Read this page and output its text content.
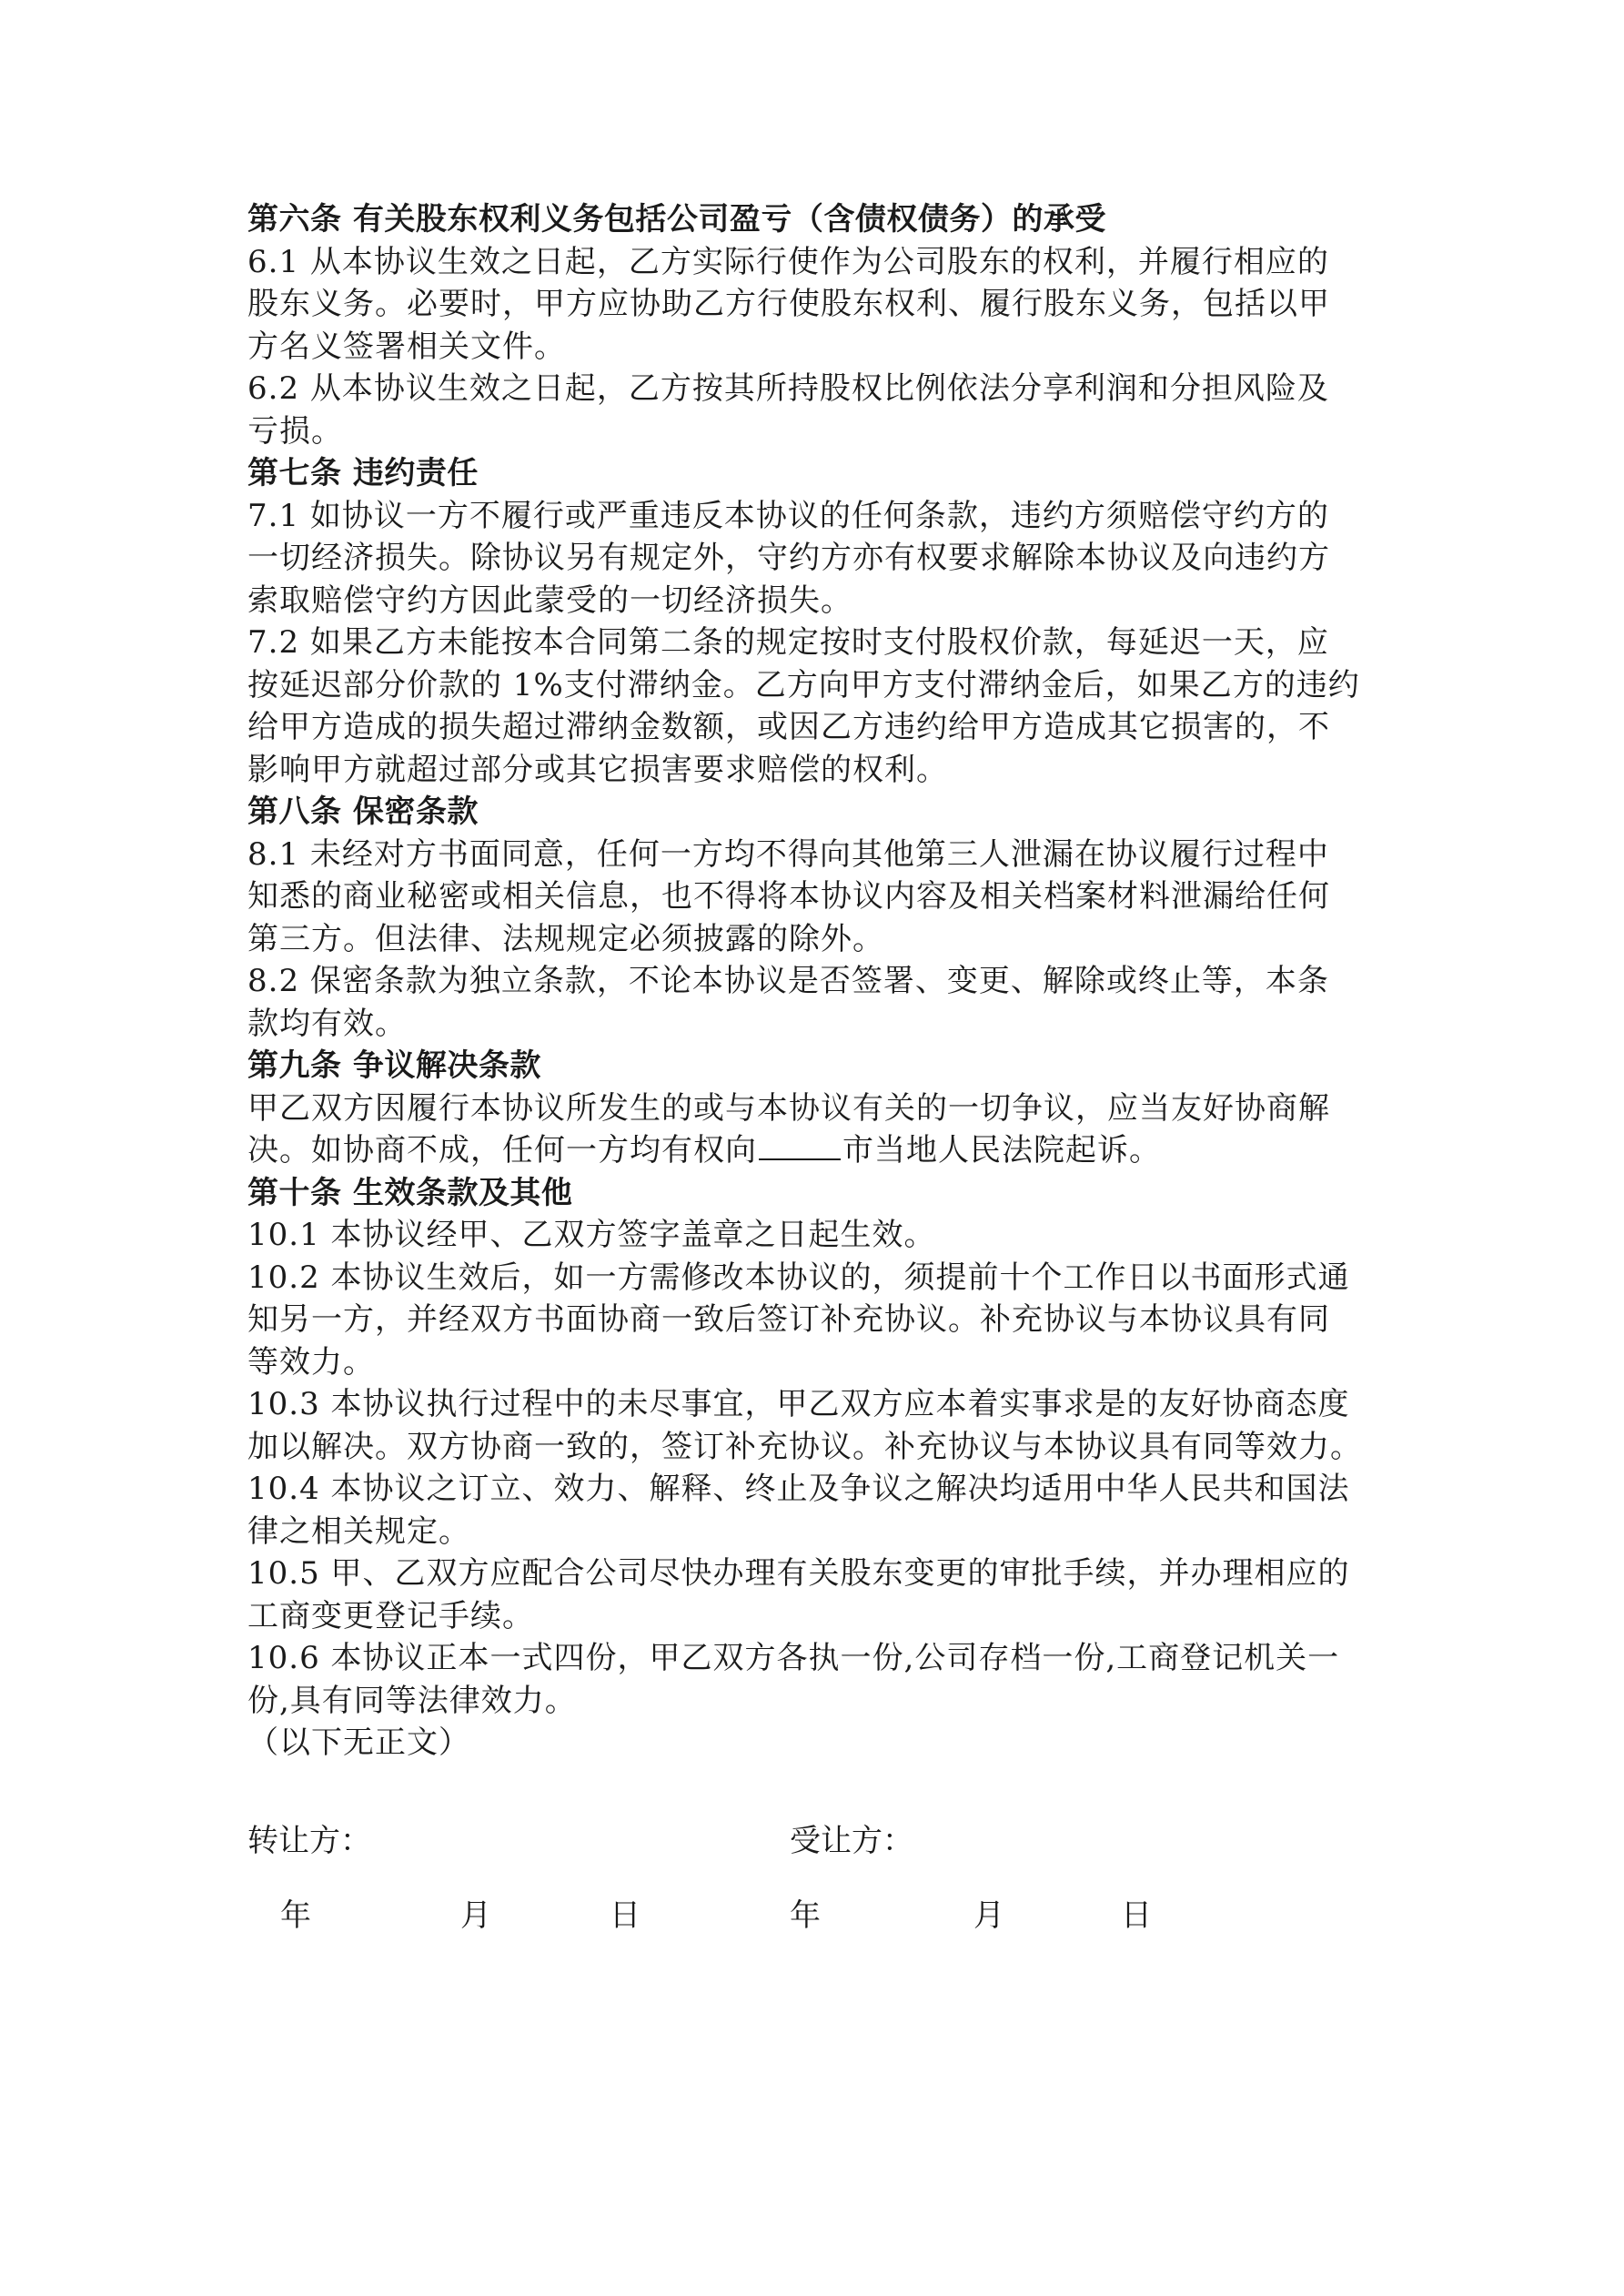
第六条 有关股东权利义务包括公司盈亏（含债权债务）的承受
6.1 从本协议生效之日起，乙方实际行使作为公司股东的权利，并履行相应的
股东义务。必要时，甲方应协助乙方行使股东权利、履行股东义务，包括以甲
方名义签署相关文件。
6.2 从本协议生效之日起，乙方按其所持股权比例依法分享利润和分担风险及
亏损。
第七条 违约责任
7.1 如协议一方不履行或严重违反本协议的任何条款，违约方须赔偿守约方的
一切经济损失。除协议另有规定外，守约方亦有权要求解除本协议及向违约方
索取赔偿守约方因此蒙受的一切经济损失。
7.2 如果乙方未能按本合同第二条的规定按时支付股权价款，每延迟一天，应
按延迟部分价款的 1%支付滞纳金。乙方向甲方支付滞纳金后，如果乙方的违约
给甲方造成的损失超过滞纳金数额，或因乙方违约给甲方造成其它损害的，不
影响甲方就超过部分或其它损害要求赔偿的权利。
第八条 保密条款
8.1 未经对方书面同意，任何一方均不得向其他第三人泄漏在协议履行过程中
知悉的商业秘密或相关信息，也不得将本协议内容及相关档案材料泄漏给任何
第三方。但法律、法规规定必须披露的除外。
8.2 保密条款为独立条款，不论本协议是否签署、变更、解除或终止等，本条
款均有效。
第九条 争议解决条款
甲乙双方因履行本协议所发生的或与本协议有关的一切争议，应当友好协商解
决。如协商不成，任何一方均有权向	市当地人民法院起诉。
第十条 生效条款及其他
10.1 本协议经甲、乙双方签字盖章之日起生效。
10.2 本协议生效后，如一方需修改本协议的，须提前十个工作日以书面形式通
知另一方，并经双方书面协商一致后签订补充协议。补充协议与本协议具有同
等效力。
10.3 本协议执行过程中的未尽事宜，甲乙双方应本着实事求是的友好协商态度
加以解决。双方协商一致的，签订补充协议。补充协议与本协议具有同等效力。
10.4 本协议之订立、效力、解释、终止及争议之解决均适用中华人民共和国法
律之相关规定。
10.5 甲、乙双方应配合公司尽快办理有关股东变更的审批手续，并办理相应的
工商变更登记手续。
10.6 本协议正本一式四份，甲乙双方各执一份,公司存档一份,工商登记机关一
份,具有同等法律效力。
（以下无正文）
转让方：	受让方：
年	月	日	年	月	日
